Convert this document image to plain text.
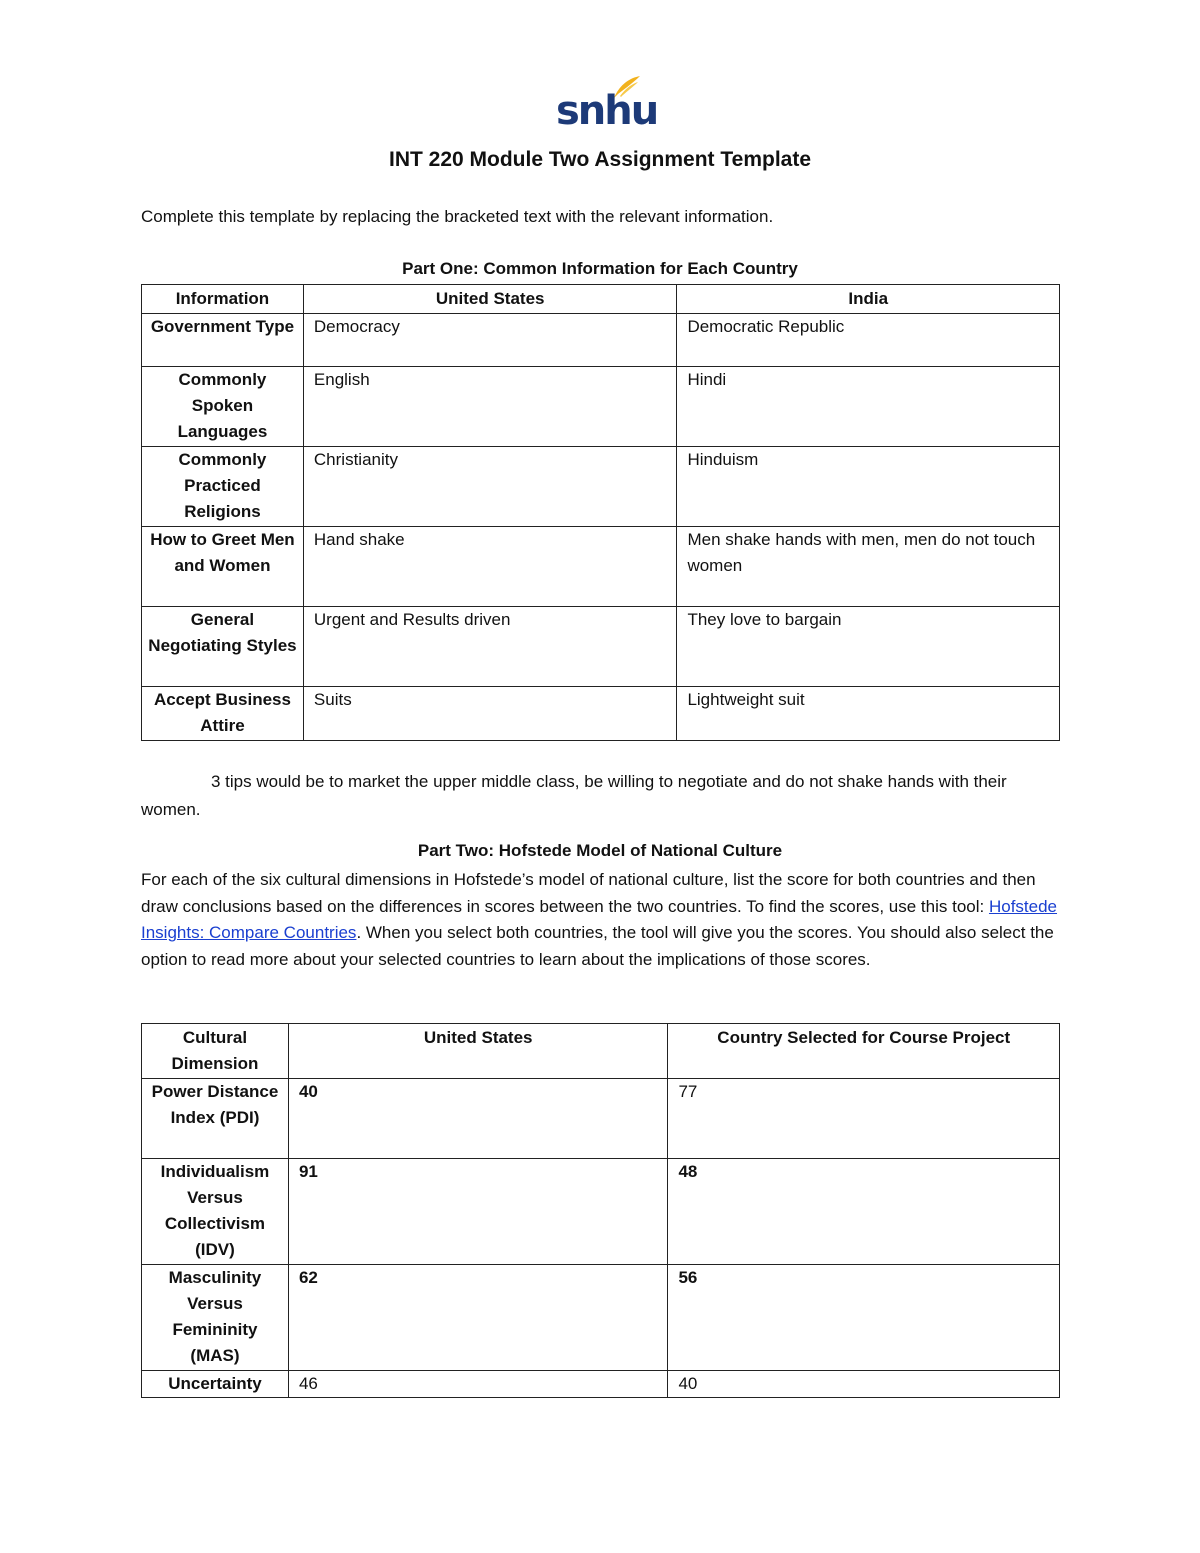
snhu
INT 220 Module Two Assignment Template
Complete this template by replacing the bracketed text with the relevant information.
Part One: Common Information for Each Country
Information	United States	India
Government Type	Democracy	Democratic Republic
Commonly Spoken Languages	English	Hindi
Commonly Practiced Religions	Christianity	Hinduism
How to Greet Men and Women	Hand shake	Men shake hands with men, men do not touch women
General Negotiating Styles	Urgent and Results driven	They love to bargain
Accept Business Attire	Suits	Lightweight suit
3 tips would be to market the upper middle class, be willing to negotiate and do not shake hands with their women.
Part Two: Hofstede Model of National Culture
For each of the six cultural dimensions in Hofstede’s model of national culture, list the score for both countries and then draw conclusions based on the differences in scores between the two countries. To find the scores, use this tool: Hofstede Insights: Compare Countries. When you select both countries, the tool will give you the scores. You should also select the option to read more about your selected countries to learn about the implications of those scores.
Cultural Dimension	United States	Country Selected for Course Project
Power Distance Index (PDI)	40	77
Individualism Versus Collectivism (IDV)	91	48
Masculinity Versus Femininity (MAS)	62	56
Uncertainty	46	40
